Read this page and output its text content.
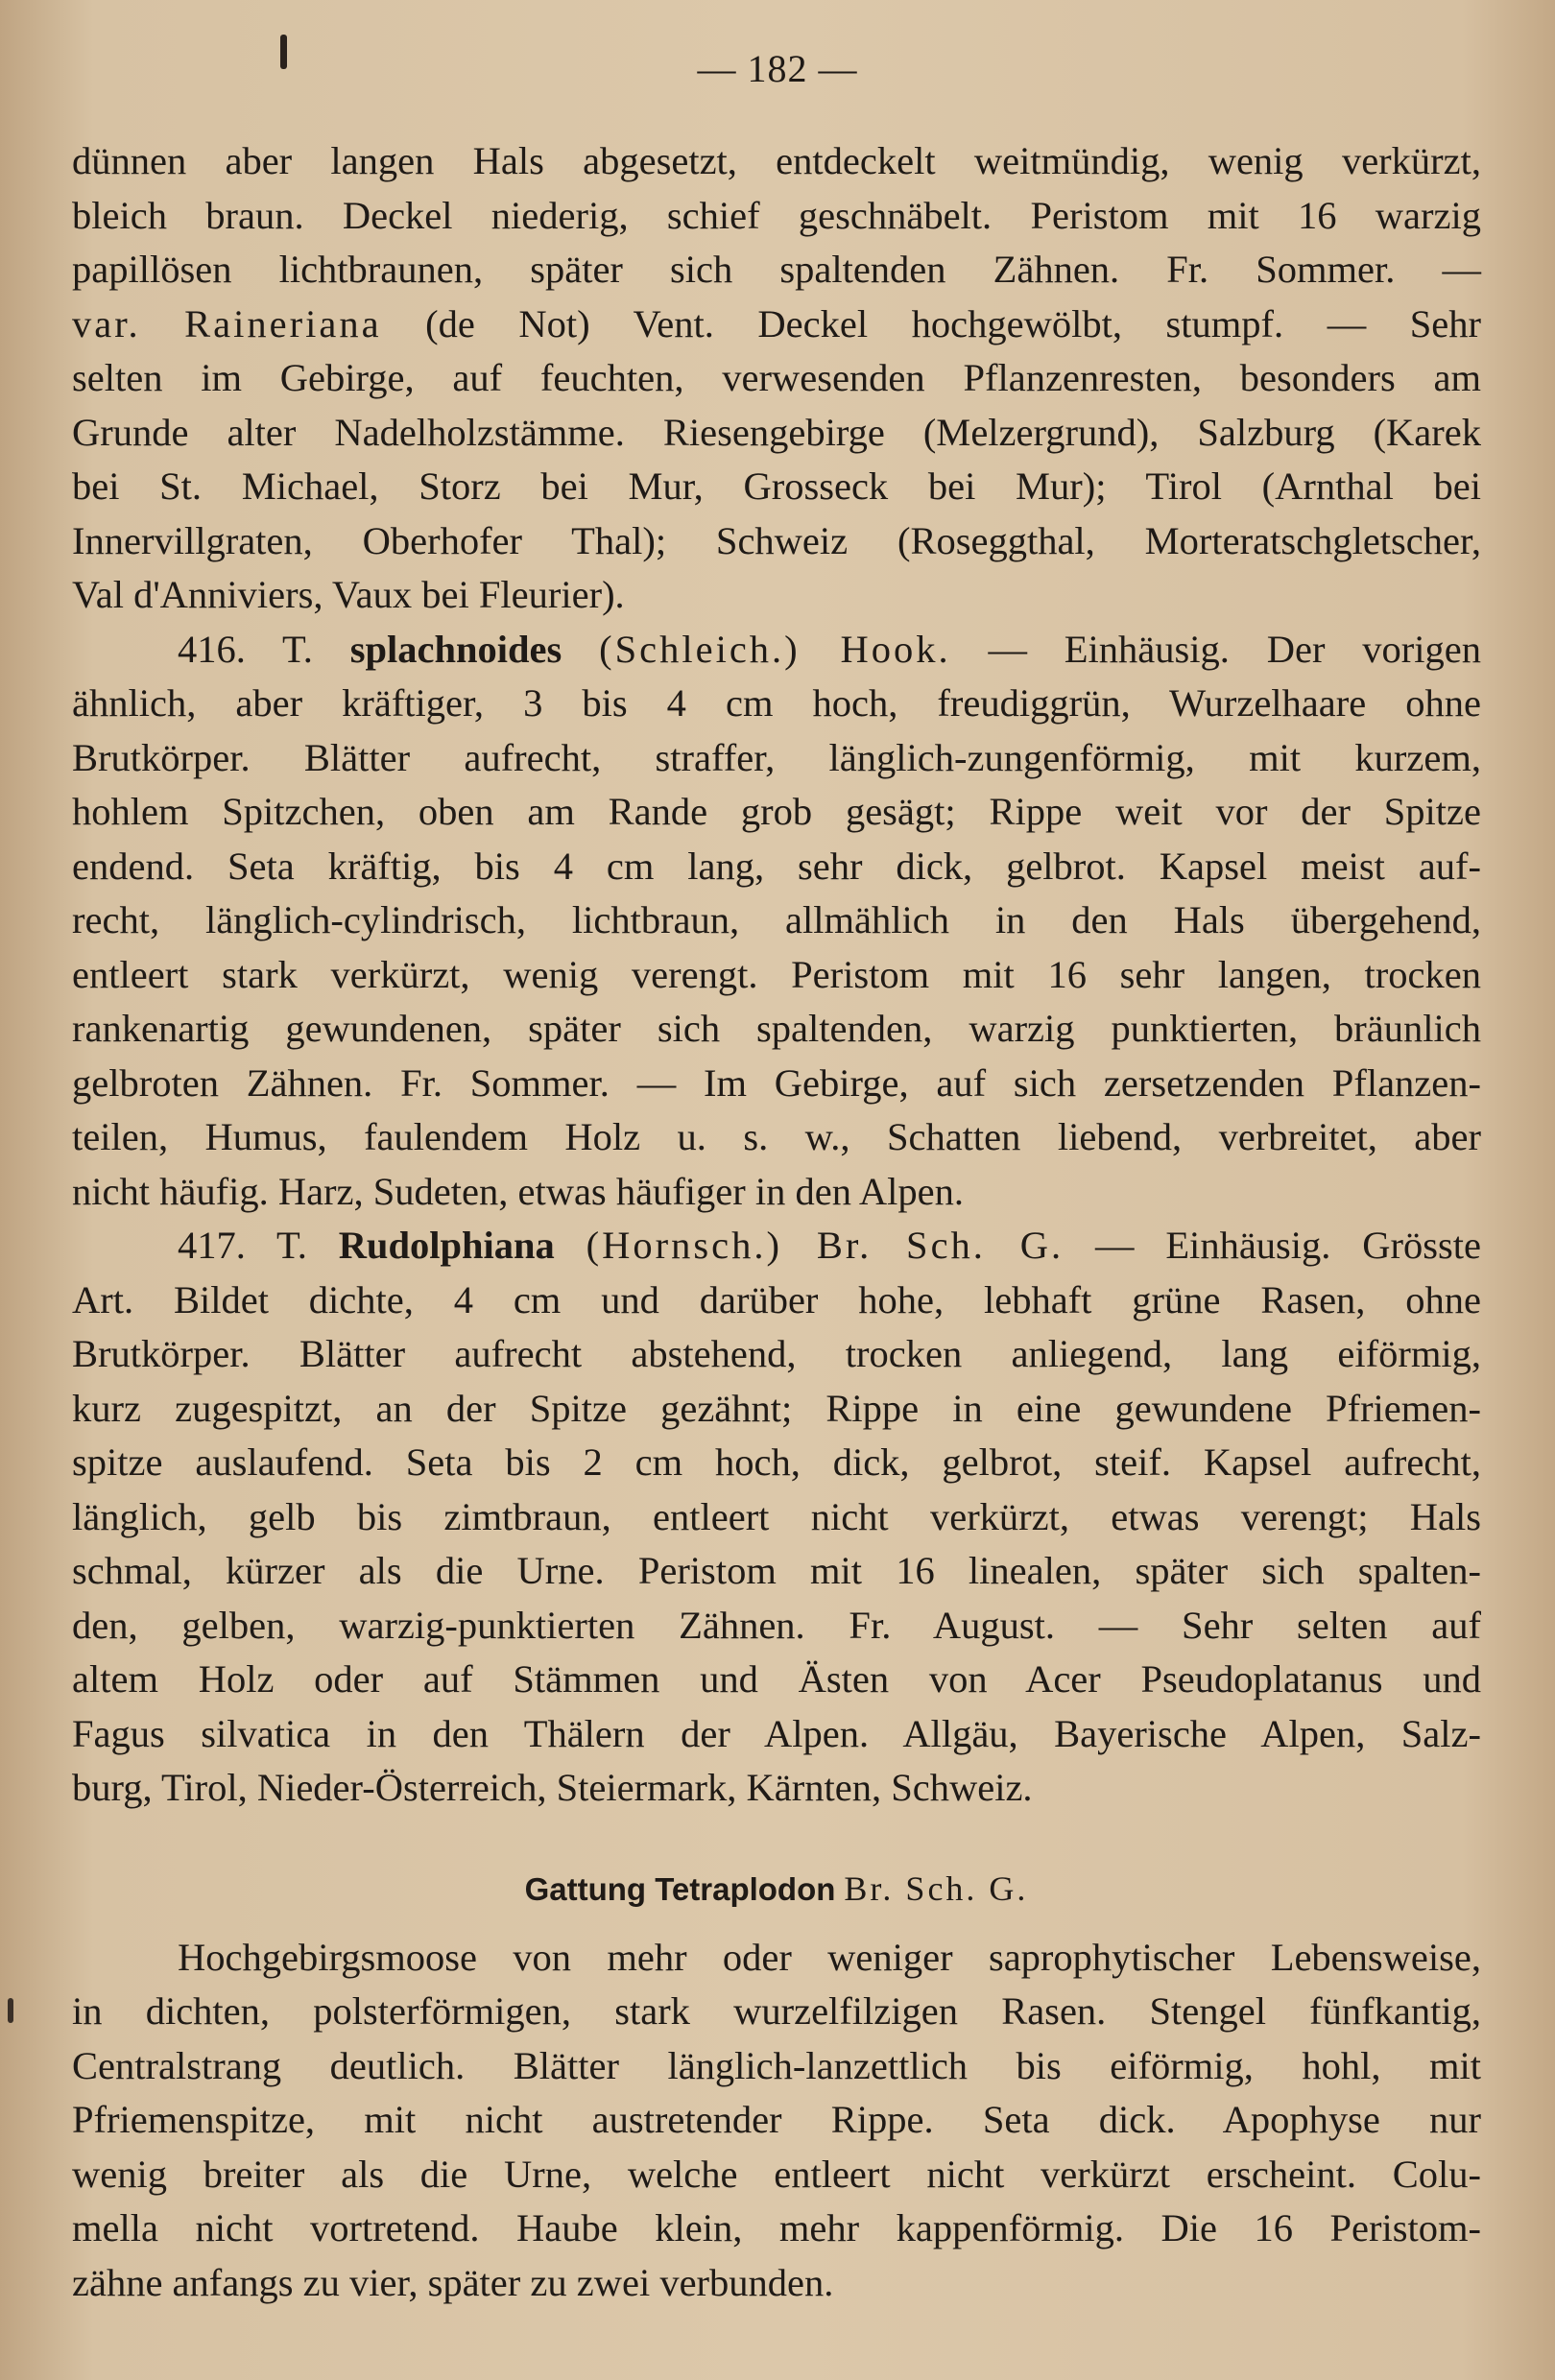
— 182 —
dünnen aber langen Hals abgesetzt, entdeckelt weitmündig, wenig verkürzt,
bleich braun. Deckel niederig, schief geschnäbelt. Peristom mit 16 warzig
papillösen lichtbraunen, später sich spaltenden Zähnen. Fr. Sommer. —
var. Raineriana (de Not) Vent. Deckel hochgewölbt, stumpf. — Sehr
selten im Gebirge, auf feuchten, verwesenden Pflanzenresten, besonders am
Grunde alter Nadelholzstämme. Riesengebirge (Melzergrund), Salzburg (Karek
bei St. Michael, Storz bei Mur, Grosseck bei Mur); Tirol (Arnthal bei
Innervillgraten, Oberhofer Thal); Schweiz (Roseggthal, Morteratschgletscher,
Val d'Anniviers, Vaux bei Fleurier).
416. T. splachnoides (Schleich.) Hook. — Einhäusig. Der vorigen
ähnlich, aber kräftiger, 3 bis 4 cm hoch, freudiggrün, Wurzelhaare ohne
Brutkörper. Blätter aufrecht, straffer, länglich-zungenförmig, mit kurzem,
hohlem Spitzchen, oben am Rande grob gesägt; Rippe weit vor der Spitze
endend. Seta kräftig, bis 4 cm lang, sehr dick, gelbrot. Kapsel meist auf-
recht, länglich-cylindrisch, lichtbraun, allmählich in den Hals übergehend,
entleert stark verkürzt, wenig verengt. Peristom mit 16 sehr langen, trocken
rankenartig gewundenen, später sich spaltenden, warzig punktierten, bräunlich
gelbroten Zähnen. Fr. Sommer. — Im Gebirge, auf sich zersetzenden Pflanzen-
teilen, Humus, faulendem Holz u. s. w., Schatten liebend, verbreitet, aber
nicht häufig. Harz, Sudeten, etwas häufiger in den Alpen.
417. T. Rudolphiana (Hornsch.) Br. Sch. G. — Einhäusig. Grösste
Art. Bildet dichte, 4 cm und darüber hohe, lebhaft grüne Rasen, ohne
Brutkörper. Blätter aufrecht abstehend, trocken anliegend, lang eiförmig,
kurz zugespitzt, an der Spitze gezähnt; Rippe in eine gewundene Pfriemen-
spitze auslaufend. Seta bis 2 cm hoch, dick, gelbrot, steif. Kapsel aufrecht,
länglich, gelb bis zimtbraun, entleert nicht verkürzt, etwas verengt; Hals
schmal, kürzer als die Urne. Peristom mit 16 linealen, später sich spalten-
den, gelben, warzig-punktierten Zähnen. Fr. August. — Sehr selten auf
altem Holz oder auf Stämmen und Ästen von Acer Pseudoplatanus und
Fagus silvatica in den Thälern der Alpen. Allgäu, Bayerische Alpen, Salz-
burg, Tirol, Nieder-Österreich, Steiermark, Kärnten, Schweiz.
Gattung Tetraplodon Br. Sch. G.
Hochgebirgsmoose von mehr oder weniger saprophytischer Lebensweise,
in dichten, polsterförmigen, stark wurzelfilzigen Rasen. Stengel fünfkantig,
Centralstrang deutlich. Blätter länglich-lanzettlich bis eiförmig, hohl, mit
Pfriemenspitze, mit nicht austretender Rippe. Seta dick. Apophyse nur
wenig breiter als die Urne, welche entleert nicht verkürzt erscheint. Colu-
mella nicht vortretend. Haube klein, mehr kappenförmig. Die 16 Peristom-
zähne anfangs zu vier, später zu zwei verbunden.
